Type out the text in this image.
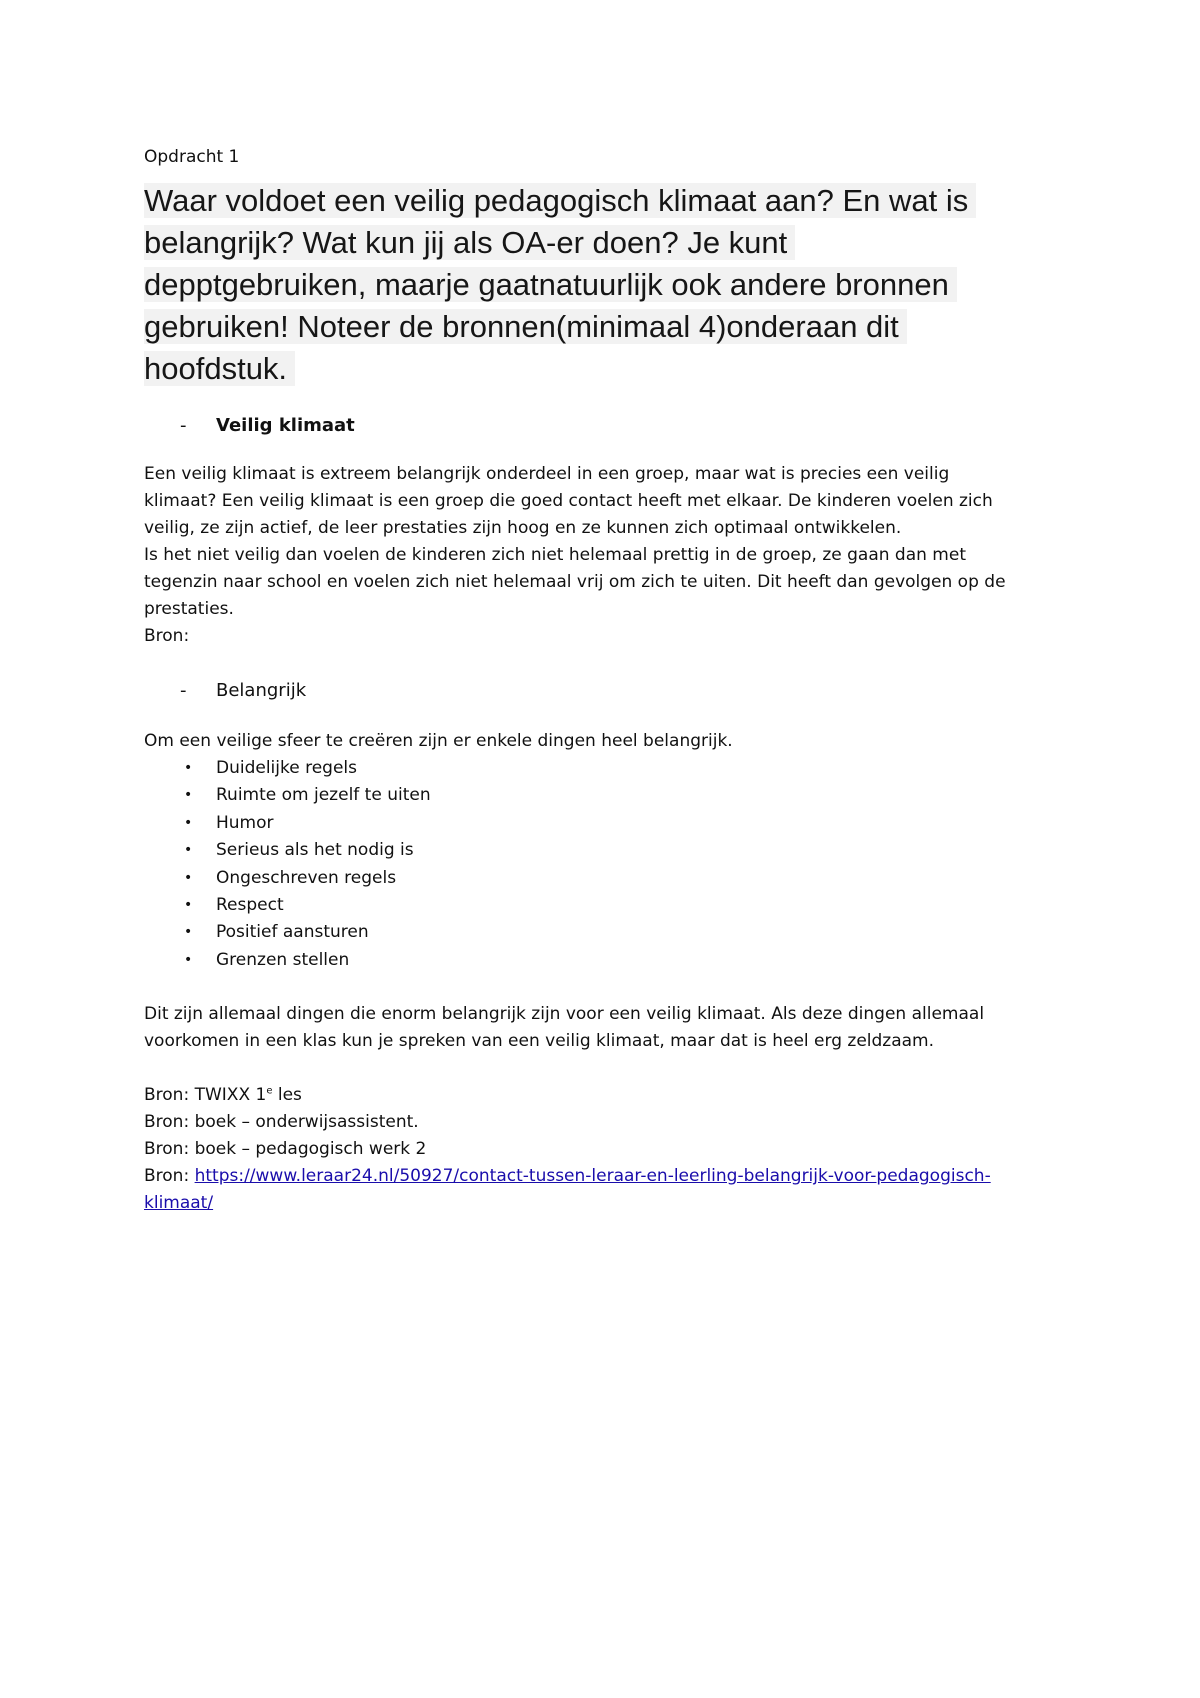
Opdracht 1

Waar voldoet een veilig pedagogisch klimaat aan? En wat is
belangrijk? Wat kun jij als OA-er doen? Je kunt
depptgebruiken, maarje gaatnatuurlijk ook andere bronnen
gebruiken! Noteer de bronnen(minimaal 4)onderaan dit
hoofdstuk.
-	Veilig klimaat

Een veilig klimaat is extreem belangrijk onderdeel in een groep, maar wat is precies een veilig
klimaat? Een veilig klimaat is een groep die goed contact heeft met elkaar. De kinderen voelen zich
veilig, ze zijn actief, de leer prestaties zijn hoog en ze kunnen zich optimaal ontwikkelen.
Is het niet veilig dan voelen de kinderen zich niet helemaal prettig in de groep, ze gaan dan met
tegenzin naar school en voelen zich niet helemaal vrij om zich te uiten. Dit heeft dan gevolgen op de
prestaties.
Bron:

-	Belangrijk

Om een veilige sfeer te creëren zijn er enkele dingen heel belangrijk.

•	Duidelijke regels
•	Ruimte om jezelf te uiten
•	Humor
•	Serieus als het nodig is
•	Ongeschreven regels
•	Respect
•	Positief aansturen
•	Grenzen stellen

Dit zijn allemaal dingen die enorm belangrijk zijn voor een veilig klimaat. Als deze dingen allemaal
voorkomen in een klas kun je spreken van een veilig klimaat, maar dat is heel erg zeldzaam.

Bron: TWIXX 1e les
Bron: boek – onderwijsassistent.
Bron: boek – pedagogisch werk 2
Bron: https://www.leraar24.nl/50927/contact-tussen-leraar-en-leerling-belangrijk-voor-pedagogisch-
klimaat/
